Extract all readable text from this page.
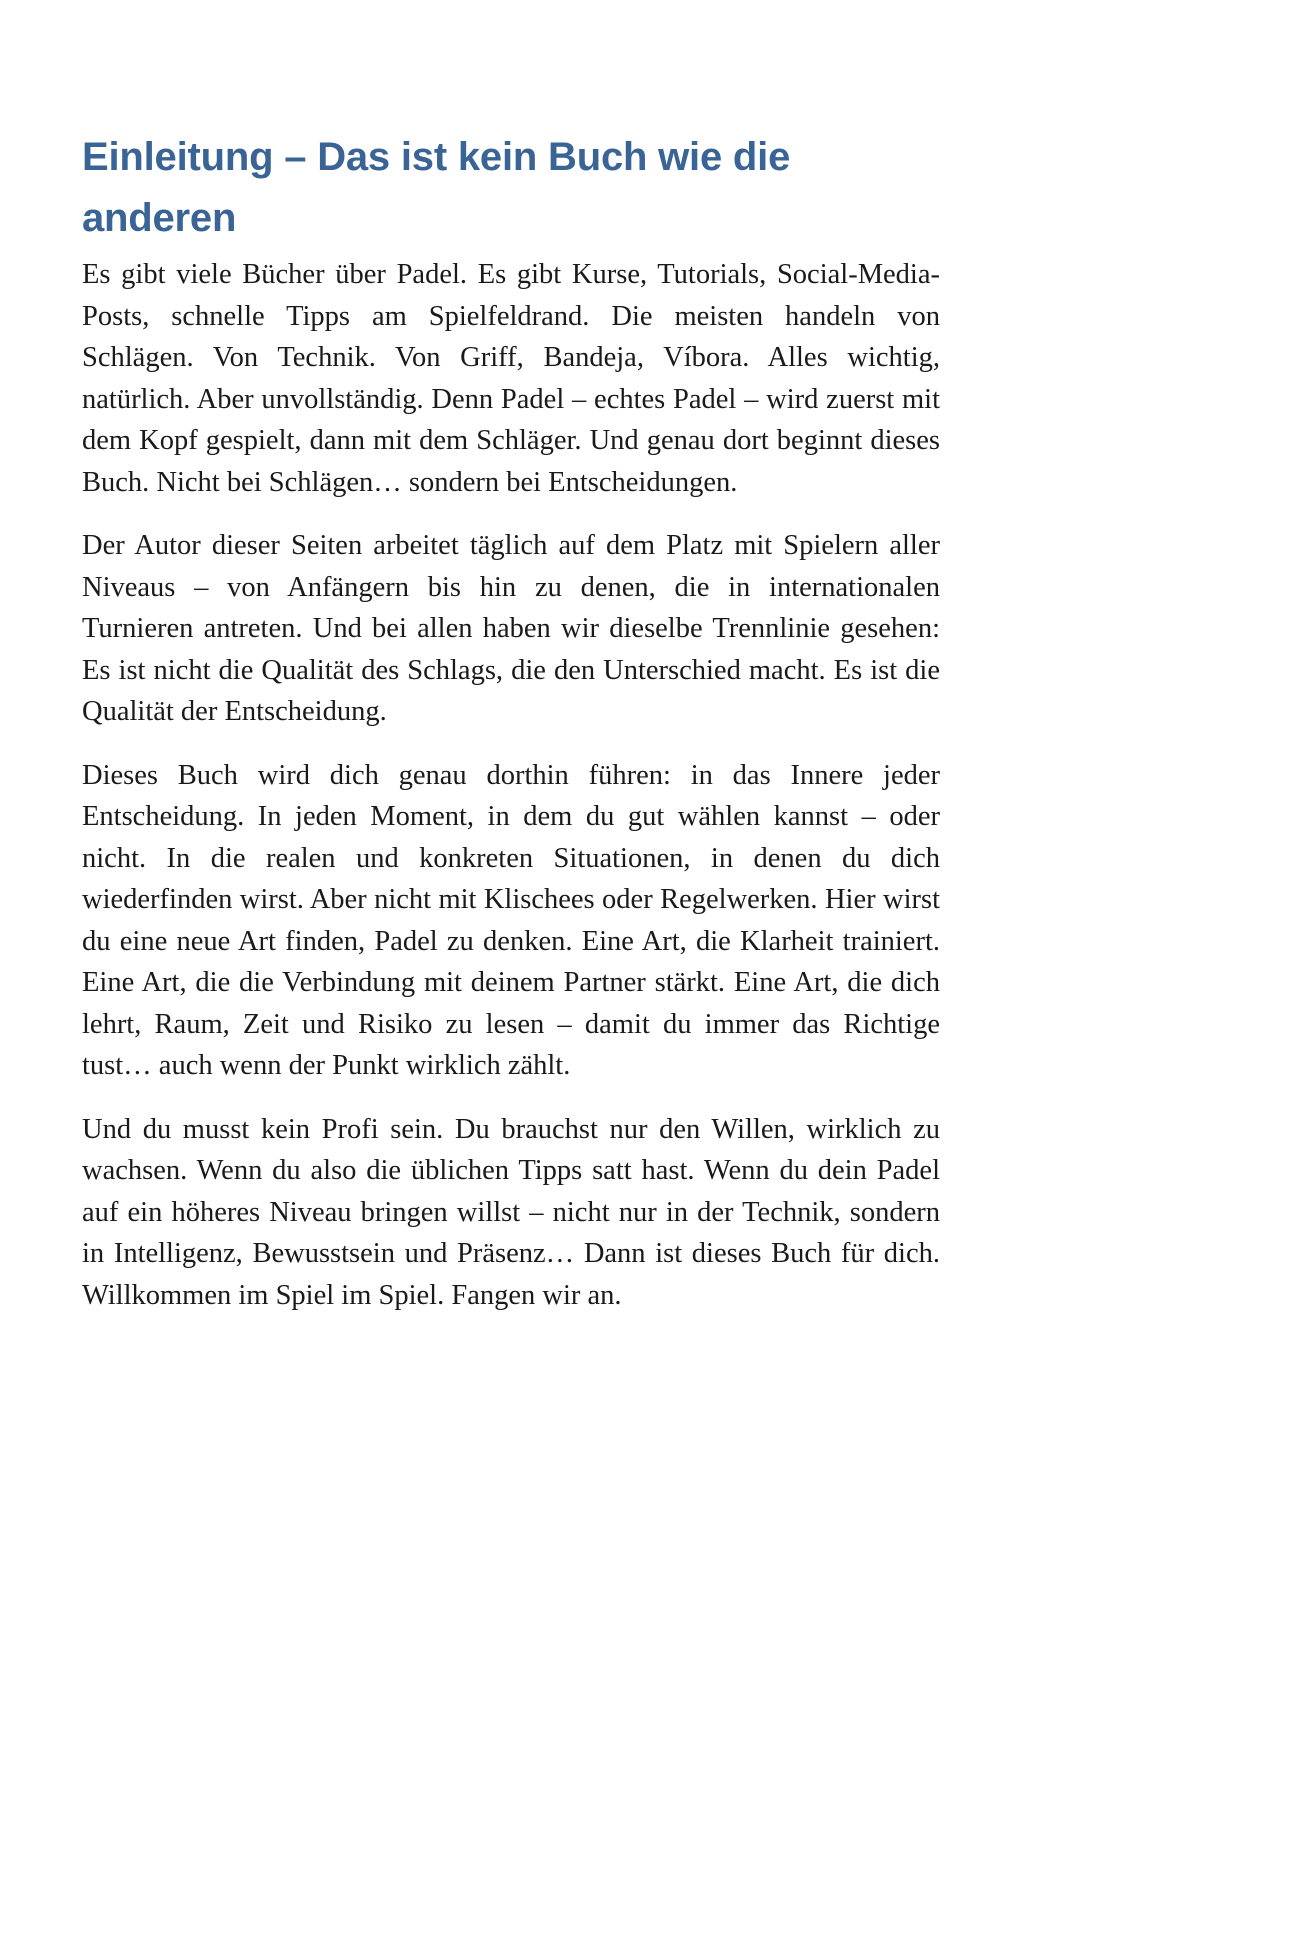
Einleitung – Das ist kein Buch wie die anderen

Es gibt viele Bücher über Padel. Es gibt Kurse, Tutorials, Social-Media-Posts, schnelle Tipps am Spielfeldrand. Die meisten handeln von Schlägen. Von Technik. Von Griff, Bandeja, Víbora. Alles wichtig, natürlich. Aber unvollständig. Denn Padel – echtes Padel – wird zuerst mit dem Kopf gespielt, dann mit dem Schläger. Und genau dort beginnt dieses Buch. Nicht bei Schlägen… sondern bei Entscheidungen.

Der Autor dieser Seiten arbeitet täglich auf dem Platz mit Spielern aller Niveaus – von Anfängern bis hin zu denen, die in internationalen Turnieren antreten. Und bei allen haben wir dieselbe Trennlinie gesehen: Es ist nicht die Qualität des Schlags, die den Unterschied macht. Es ist die Qualität der Entscheidung.

Dieses Buch wird dich genau dorthin führen: in das Innere jeder Entscheidung. In jeden Moment, in dem du gut wählen kannst – oder nicht. In die realen und konkreten Situationen, in denen du dich wiederfinden wirst. Aber nicht mit Klischees oder Regelwerken. Hier wirst du eine neue Art finden, Padel zu denken. Eine Art, die Klarheit trainiert. Eine Art, die die Verbindung mit deinem Partner stärkt. Eine Art, die dich lehrt, Raum, Zeit und Risiko zu lesen – damit du immer das Richtige tust… auch wenn der Punkt wirklich zählt.

Und du musst kein Profi sein. Du brauchst nur den Willen, wirklich zu wachsen. Wenn du also die üblichen Tipps satt hast. Wenn du dein Padel auf ein höheres Niveau bringen willst – nicht nur in der Technik, sondern in Intelligenz, Bewusstsein und Präsenz… Dann ist dieses Buch für dich. Willkommen im Spiel im Spiel. Fangen wir an.
